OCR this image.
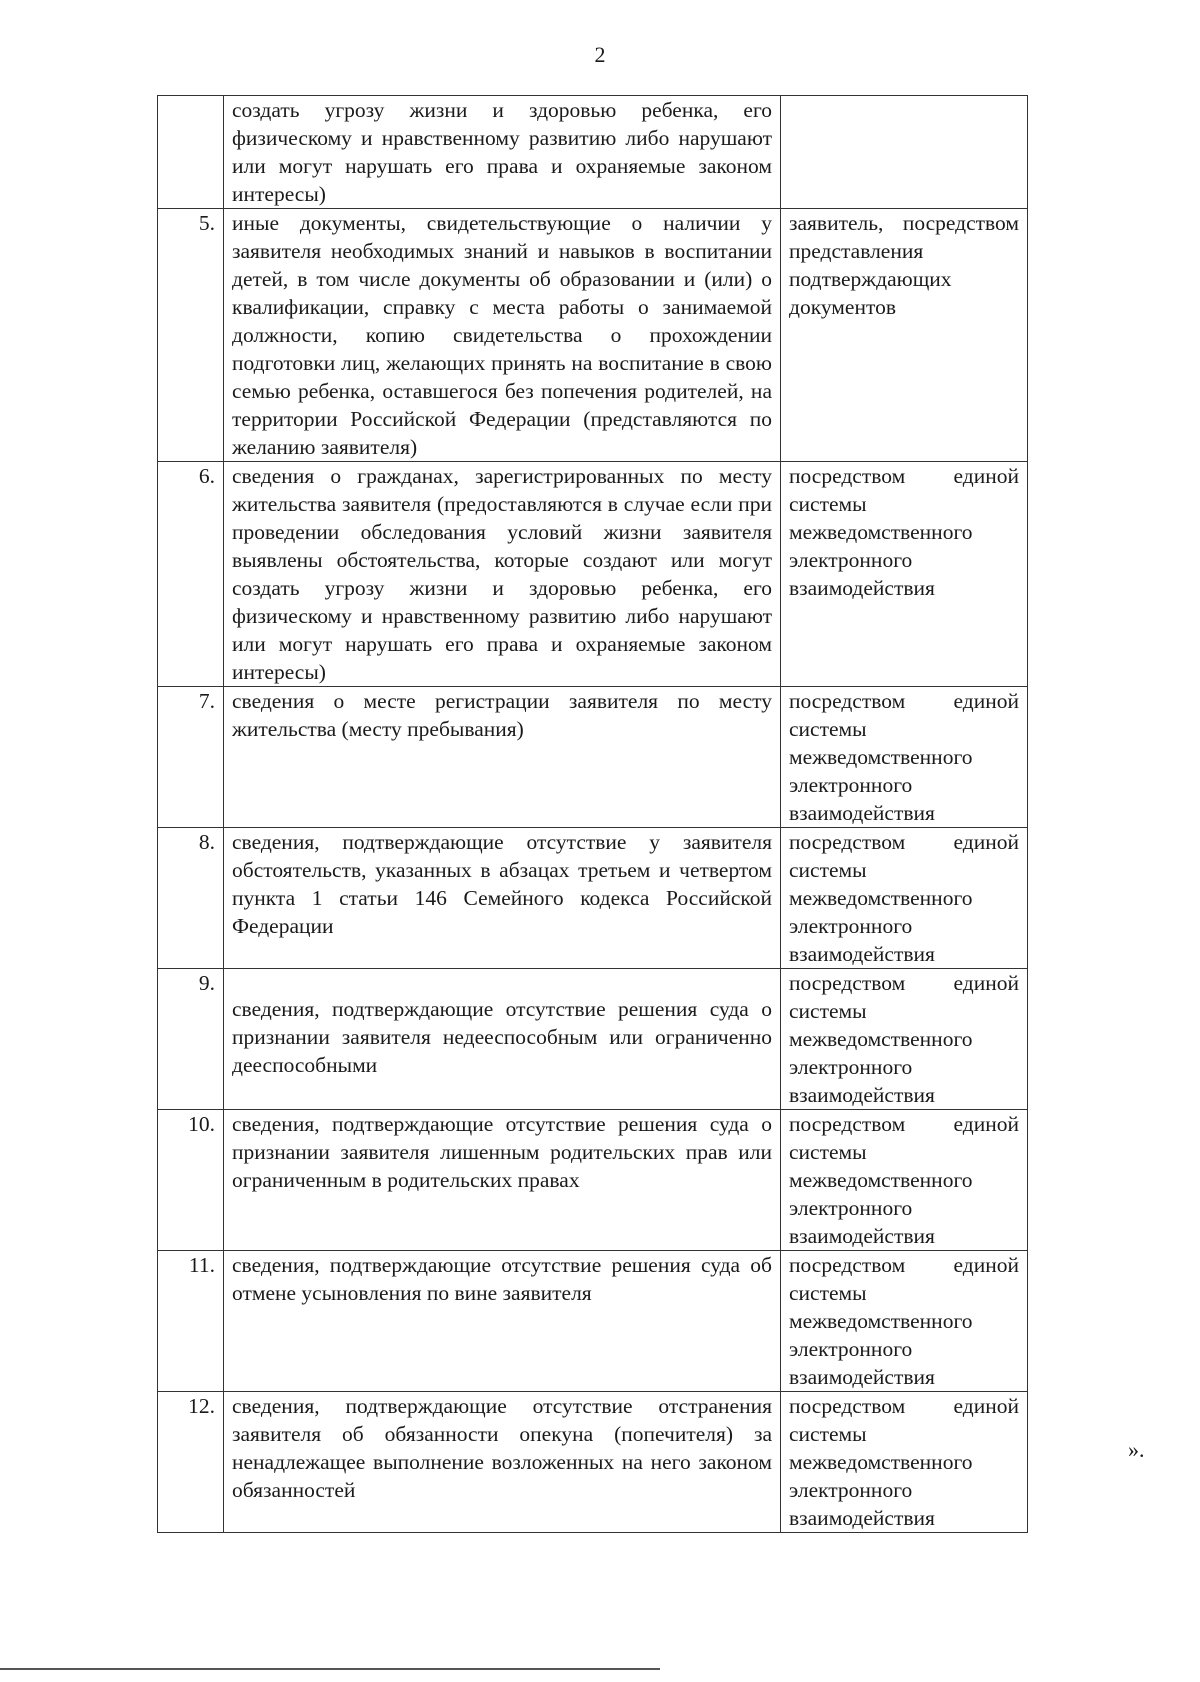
2
	создать угрозу жизни и здоровью ребенка, его физическому и нравственному развитию либо нарушают или могут нарушать его права и охраняемые законом интересы)		
5.	иные документы, свидетельствующие о наличии у заявителя необходимых знаний и навыков в воспитании детей, в том числе документы об образовании и (или) о квалификации, справку с места работы о занимаемой должности, копию свидетельства о прохождении подготовки лиц, желающих принять на воспитание в свою семью ребенка, оставшегося без попечения родителей, на территории Российской Федерации (представляются по желанию заявителя)	заявитель, посредством представления подтверждающих документов	
6.	сведения о гражданах, зарегистрированных по месту жительства заявителя (предоставляются в случае если при проведении обследования условий жизни заявителя выявлены обстоятельства, которые создают или могут создать угрозу жизни и здоровью ребенка, его физическому и нравственному развитию либо нарушают или могут нарушать его права и охраняемые законом интересы)	посредством единой системы межведомственного электронного взаимодействия	
7.	сведения о месте регистрации заявителя по месту жительства (месту пребывания)	посредством единой системы межведомственного электронного взаимодействия	
8.	сведения, подтверждающие отсутствие у заявителя обстоятельств, указанных в абзацах третьем и четвертом пункта 1 статьи 146 Семейного кодекса Российской Федерации	посредством единой системы межведомственного электронного взаимодействия	
9.	сведения, подтверждающие отсутствие решения суда о признании заявителя недееспособным или ограниченно дееспособными	посредством единой системы межведомственного электронного взаимодействия	
10.	сведения, подтверждающие отсутствие решения суда о признании заявителя лишенным родительских прав или ограниченным в родительских правах	посредством единой системы межведомственного электронного взаимодействия	
11.	сведения, подтверждающие отсутствие решения суда об отмене усыновления по вине заявителя	посредством единой системы межведомственного электронного взаимодействия	
12.	сведения, подтверждающие отсутствие отстранения заявителя об обязанности опекуна (попечителя) за ненадлежащее выполнение возложенных на него законом обязанностей	посредством единой системы межведомственного электронного взаимодействия	
».
